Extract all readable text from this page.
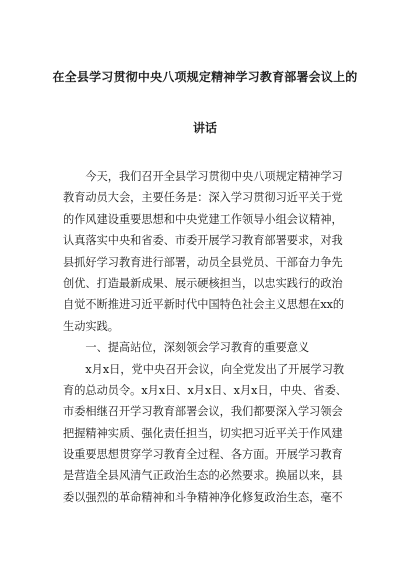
在全县学习贯彻中央八项规定精神学习教育部署会议上的
讲话
　　今天，我们召开全县学习贯彻中央八项规定精神学习
教育动员大会，主要任务是：深入学习贯彻习近平关于党
的作风建设重要思想和中央党建工作领导小组会议精神，
认真落实中央和省委、市委开展学习教育部署要求，对我
县抓好学习教育进行部署，动员全县党员、干部奋力争先
创优、打造最新成果、展示硬核担当，以忠实践行的政治
自觉不断推进习近平新时代中国特色社会主义思想在xx的
生动实践。
　　一、提高站位，深刻领会学习教育的重要意义
　　x月x日，党中央召开会议，向全党发出了开展学习教
育的总动员令。x月x日、x月x日、x月x日，中央、省委、
市委相继召开学习教育部署会议，我们都要深入学习领会
把握精神实质、强化责任担当，切实把习近平关于作风建
设重要思想贯穿学习教育全过程、各方面。开展学习教育
是营造全县风清气正政治生态的必然要求。换届以来，县
委以强烈的革命精神和斗争精神净化修复政治生态，毫不
